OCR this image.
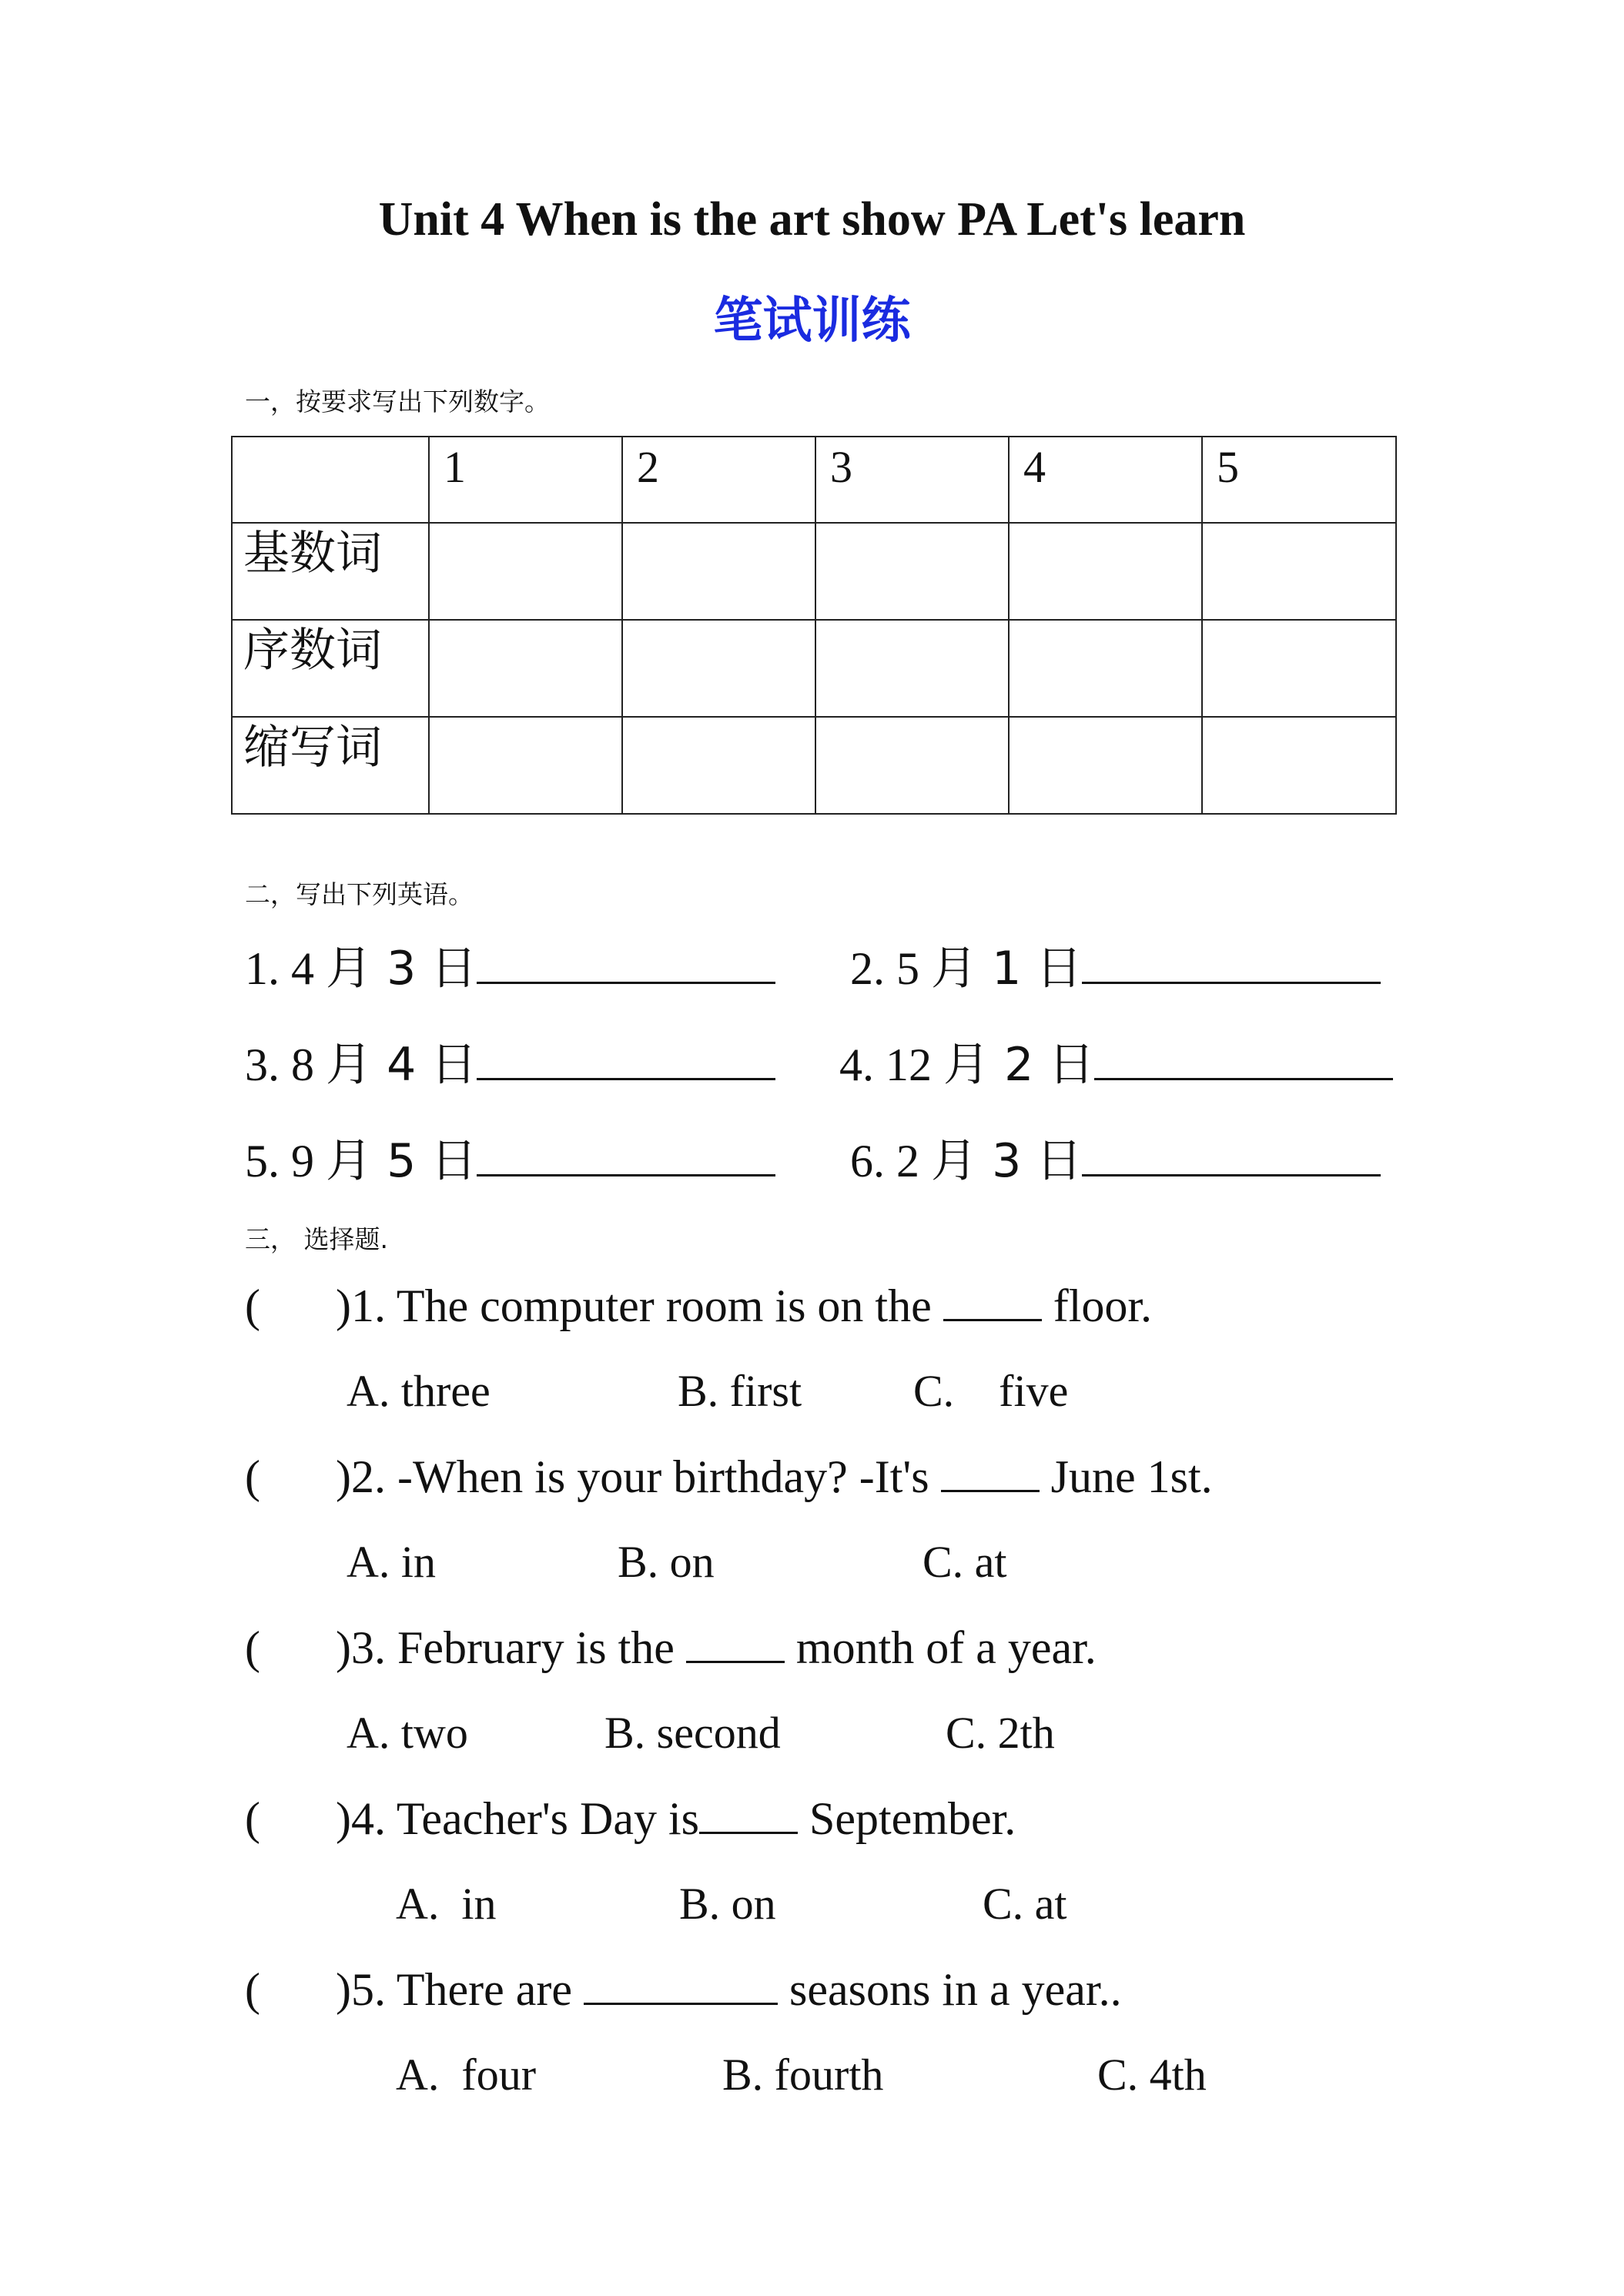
Unit 4 When is the art show PA Let's learn
笔试训练
一，按要求写出下列数字。
	1	2	3	4	5
基数词					
序数词					
缩写词					
二，写出下列英语。
1. 4 月 3 日	2. 5 月 1 日
3. 8 月 4 日	4. 12 月 2 日
5. 9 月 5 日	6. 2 月 3 日
三， 选择题.
( )1. The computer room is on the	floor.
A. three	B. first C.    five
( )2. -When is your birthday? -It's	June 1st.
A. in	B. on	C. at
( )3. February is the	month of a year.
A. two	B. second	C. 2th
( )4. Teacher's Day is September.
A.  in	B. on	C. at
( )5. There are	seasons in a year..
A.  four	B. fourth	C. 4th
